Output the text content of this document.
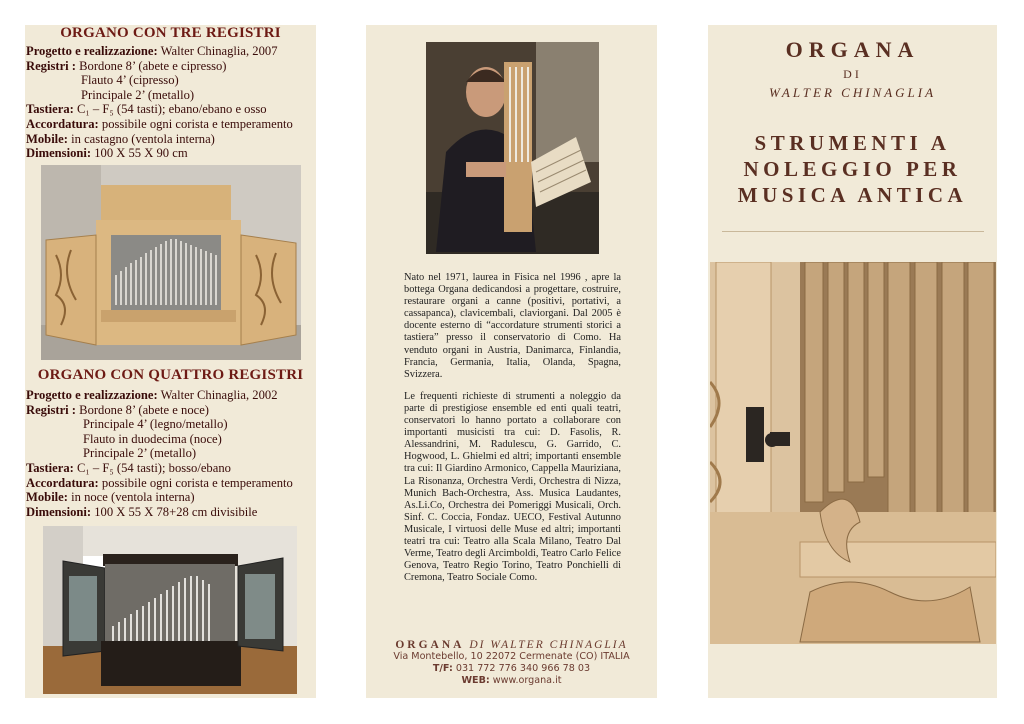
ORGANO CON TRE REGISTRI
Progetto e realizzazione: Walter Chinaglia, 2007
Registri : Bordone 8’ (abete e cipresso)
Flauto 4’ (cipresso)
Principale 2’ (metallo)
Tastiera: C₁ – F₅ (54 tasti); ebano/ebano e osso
Accordatura: possibile ogni corista e temperamento
Mobile: in castagno (ventola interna)
Dimensioni: 100 X 55 X 90 cm
ORGANO CON QUATTRO REGISTRI
Progetto e realizzazione: Walter Chinaglia, 2002
Registri : Bordone 8’ (abete e noce)
Principale 4’ (legno/metallo)
Flauto in duodecima (noce)
Principale 2’ (metallo)
Tastiera: C₁ – F₅ (54 tasti); bosso/ebano
Accordatura: possibile ogni corista e temperamento
Mobile: in noce (ventola interna)
Dimensioni: 100 X 55 X 78+28 cm divisibile

Nato nel 1971, laurea in Fisica nel 1996 , apre la bottega Organa dedicandosi a progettare, costruire, restaurare organi a canne (positivi, portativi, a cassapanca), clavicembali, claviorgani. Dal 2005 è docente esterno di “accordature strumenti storici a tastiera” presso il conservatorio di Como. Ha venduto organi in Austria, Danimarca, Finlandia, Francia, Germania, Italia, Olanda, Spagna, Svizzera.

Le frequenti richieste di strumenti a noleggio da parte di prestigiose ensemble ed enti quali teatri, conservatori lo hanno portato a collaborare con importanti musicisti tra cui: D. Fasolis, R. Alessandrini, M. Radulescu, G. Garrido, C. Hogwood, L. Ghielmi ed altri; importanti ensemble tra cui: Il Giardino Armonico, Cappella Mauriziana, La Risonanza, Orchestra Verdi, Orchestra di Nizza, Munich Bach-Orchestra, Ass. Musica Laudantes, As.Li.Co, Orchestra dei Pomeriggi Musicali, Orch. Sinf. C. Coccia, Fondaz. UECO, Festival Autunno Musicale, I virtuosi delle Muse ed altri; importanti teatri tra cui: Teatro alla Scala Milano, Teatro Dal Verme, Teatro degli Arcimboldi, Teatro Carlo Felice Genova, Teatro Regio Torino, Teatro Ponchielli di Cremona, Teatro Sociale Como.

ORGANA DI WALTER CHINAGLIA
Via Montebello, 10 22072 Cermenate (CO) ITALIA
T/F: 031 772 776 340 966 78 03
WEB: www.organa.it
ORGANA
DI
WALTER CHINAGLIA
STRUMENTI A
NOLEGGIO PER
MUSICA ANTICA
